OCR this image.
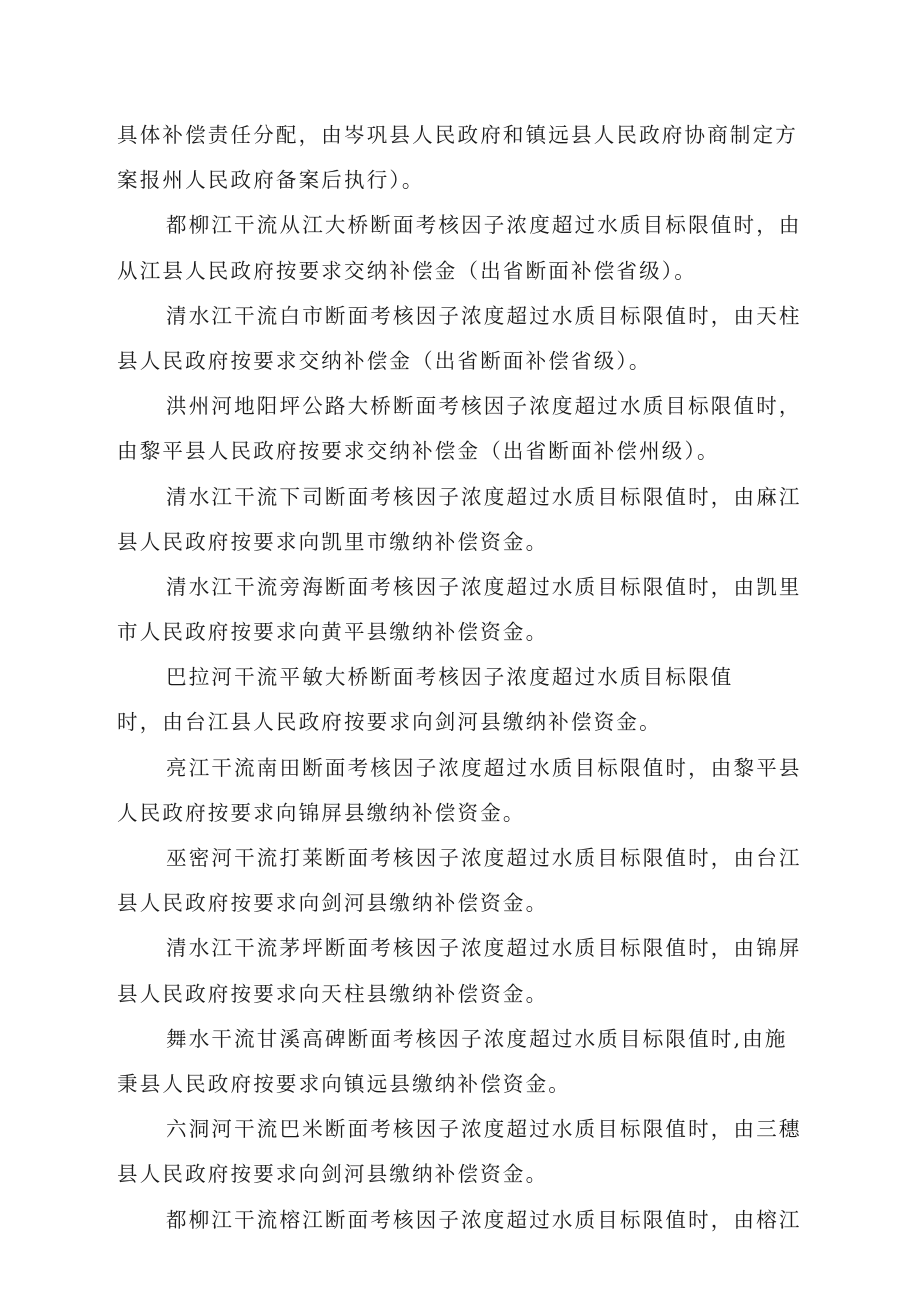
具体补偿责任分配，由岑巩县人民政府和镇远县人民政府协商制定方
案报州人民政府备案后执行）。
都柳江干流从江大桥断面考核因子浓度超过水质目标限值时，由
从江县人民政府按要求交纳补偿金（出省断面补偿省级）。
清水江干流白市断面考核因子浓度超过水质目标限值时，由天柱
县人民政府按要求交纳补偿金（出省断面补偿省级）。
洪州河地阳坪公路大桥断面考核因子浓度超过水质目标限值时，
由黎平县人民政府按要求交纳补偿金（出省断面补偿州级）。
清水江干流下司断面考核因子浓度超过水质目标限值时，由麻江
县人民政府按要求向凯里市缴纳补偿资金。
清水江干流旁海断面考核因子浓度超过水质目标限值时，由凯里
市人民政府按要求向黄平县缴纳补偿资金。
巴拉河干流平敏大桥断面考核因子浓度超过水质目标限值
时，由台江县人民政府按要求向剑河县缴纳补偿资金。
亮江干流南田断面考核因子浓度超过水质目标限值时，由黎平县
人民政府按要求向锦屏县缴纳补偿资金。
巫密河干流打莱断面考核因子浓度超过水质目标限值时，由台江
县人民政府按要求向剑河县缴纳补偿资金。
清水江干流茅坪断面考核因子浓度超过水质目标限值时，由锦屏
县人民政府按要求向天柱县缴纳补偿资金。
舞水干流甘溪高碑断面考核因子浓度超过水质目标限值时,由施
秉县人民政府按要求向镇远县缴纳补偿资金。
六洞河干流巴米断面考核因子浓度超过水质目标限值时，由三穗
县人民政府按要求向剑河县缴纳补偿资金。
都柳江干流榕江断面考核因子浓度超过水质目标限值时，由榕江
